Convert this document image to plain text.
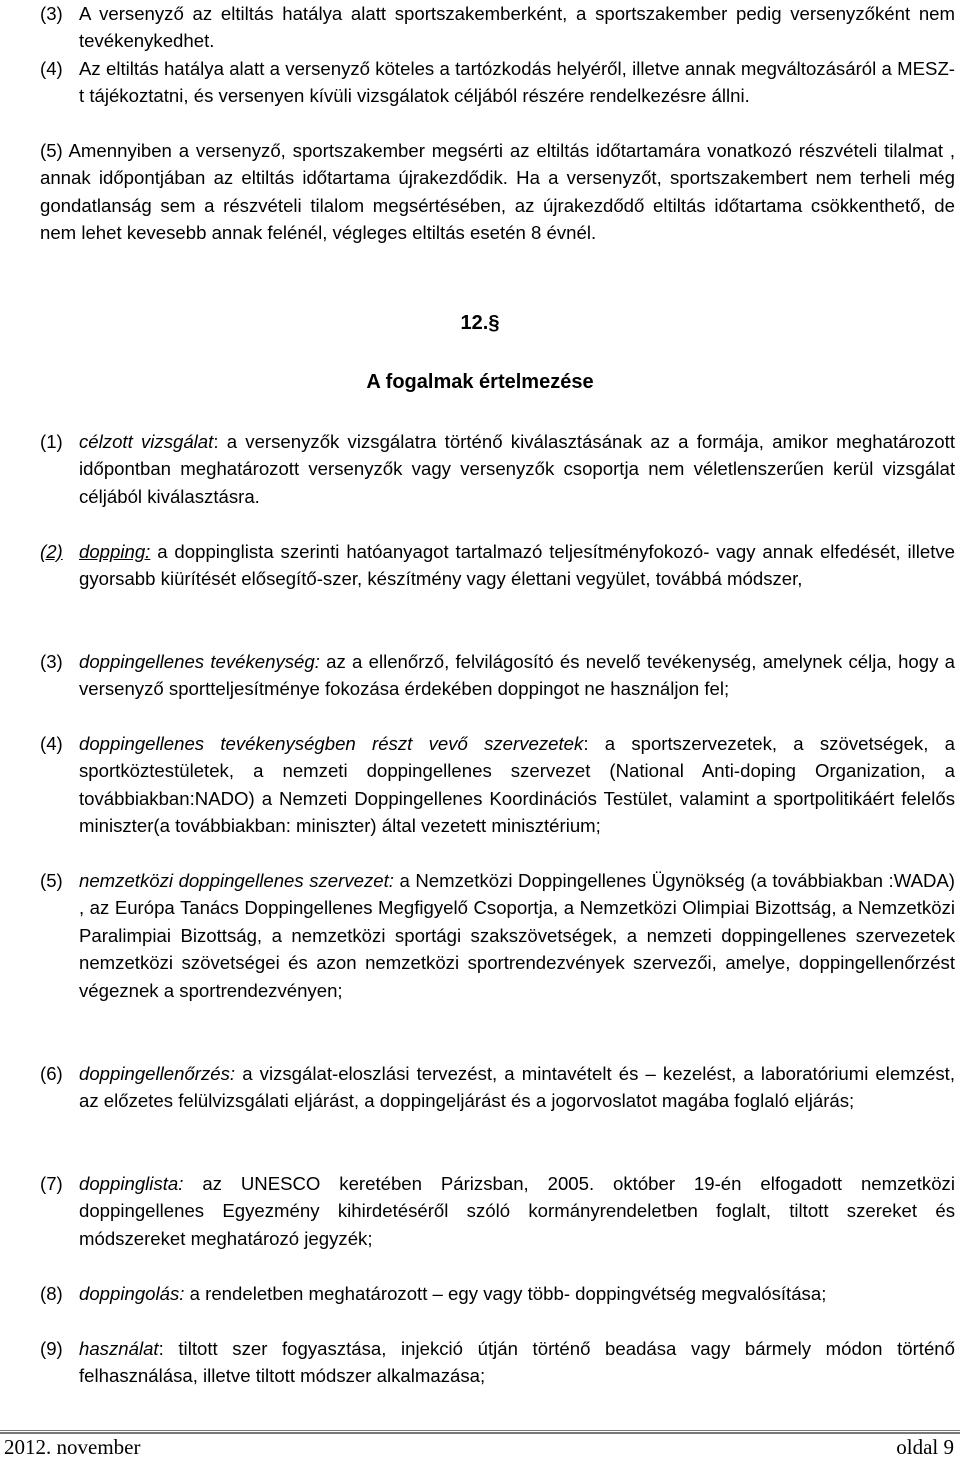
(3) A versenyző az eltiltás hatálya alatt sportszakemberként, a sportszakember pedig versenyzőként nem tevékenykedhet.
(4) Az eltiltás hatálya alatt a versenyző köteles a tartózkodás helyéről, illetve annak megváltozásáról a MESZ-t tájékoztatni, és versenyen kívüli vizsgálatok céljából részére rendelkezésre állni.

(5) Amennyiben a versenyző, sportszakember megsérti az eltiltás időtartamára vonatkozó részvételi tilalmat , annak időpontjában az eltiltás időtartama újrakezdődik. Ha a versenyzőt, sportszakembert nem terheli még gondatlanság sem a részvételi tilalom megsértésében, az újrakezdődő eltiltás időtartama csökkenthető, de nem lehet kevesebb annak felénél, végleges eltiltás esetén 8 évnél.

12.§
A fogalmak értelmezése
(1) célzott vizsgálat: a versenyzők vizsgálatra történő kiválasztásának az a formája, amikor meghatározott időpontban meghatározott versenyzők vagy versenyzők csoportja nem véletlenszerűen kerül vizsgálat céljából kiválasztásra.
(2) dopping: a doppinglista szerinti hatóanyagot tartalmazó teljesítményfokozó- vagy annak elfedését, illetve gyorsabb kiürítését elősegítő-szer, készítmény vagy élettani vegyület, továbbá módszer,
(3) doppingellenes tevékenység: az a ellenőrző, felvilágosító és nevelő tevékenység, amelynek célja, hogy a versenyző sportteljesítménye fokozása érdekében doppingot ne használjon fel;
(4) doppingellenes tevékenységben részt vevő szervezetek: a sportszervezetek, a szövetségek, a sportköztestületek, a nemzeti doppingellenes szervezet (National Anti-doping Organization, a továbbiakban:NADO) a Nemzeti Doppingellenes Koordinációs Testület, valamint a sportpolitikáért felelős miniszter(a továbbiakban: miniszter) által vezetett minisztérium;
(5) nemzetközi doppingellenes szervezet: a Nemzetközi Doppingellenes Ügynökség (a továbbiakban :WADA) , az Európa Tanács Doppingellenes Megfigyelő Csoportja, a Nemzetközi Olimpiai Bizottság, a Nemzetközi Paralimpiai Bizottság, a nemzetközi sportági szakszövetségek, a nemzeti doppingellenes szervezetek nemzetközi szövetségei és azon nemzetközi sportrendezvények szervezői, amelye, doppingellenőrzést végeznek a sportrendezvényen;
(6) doppingellenőrzés: a vizsgálat-eloszlási tervezést, a mintavételt és – kezelést, a laboratóriumi elemzést, az előzetes felülvizsgálati eljárást, a doppingeljárást és a jogorvoslatot magába foglaló eljárás;
(7) doppinglista: az UNESCO keretében Párizsban, 2005. október 19-én elfogadott nemzetközi doppingellenes Egyezmény kihirdetéséről szóló kormányrendeletben foglalt, tiltott szereket és módszereket meghatározó jegyzék;
(8) doppingolás: a rendeletben meghatározott – egy vagy több- doppingvétség megvalósítása;
(9) használat: tiltott szer fogyasztása, injekció útján történő beadása vagy bármely módon történő felhasználása, illetve tiltott módszer alkalmazása;
2012. november	oldal 9
